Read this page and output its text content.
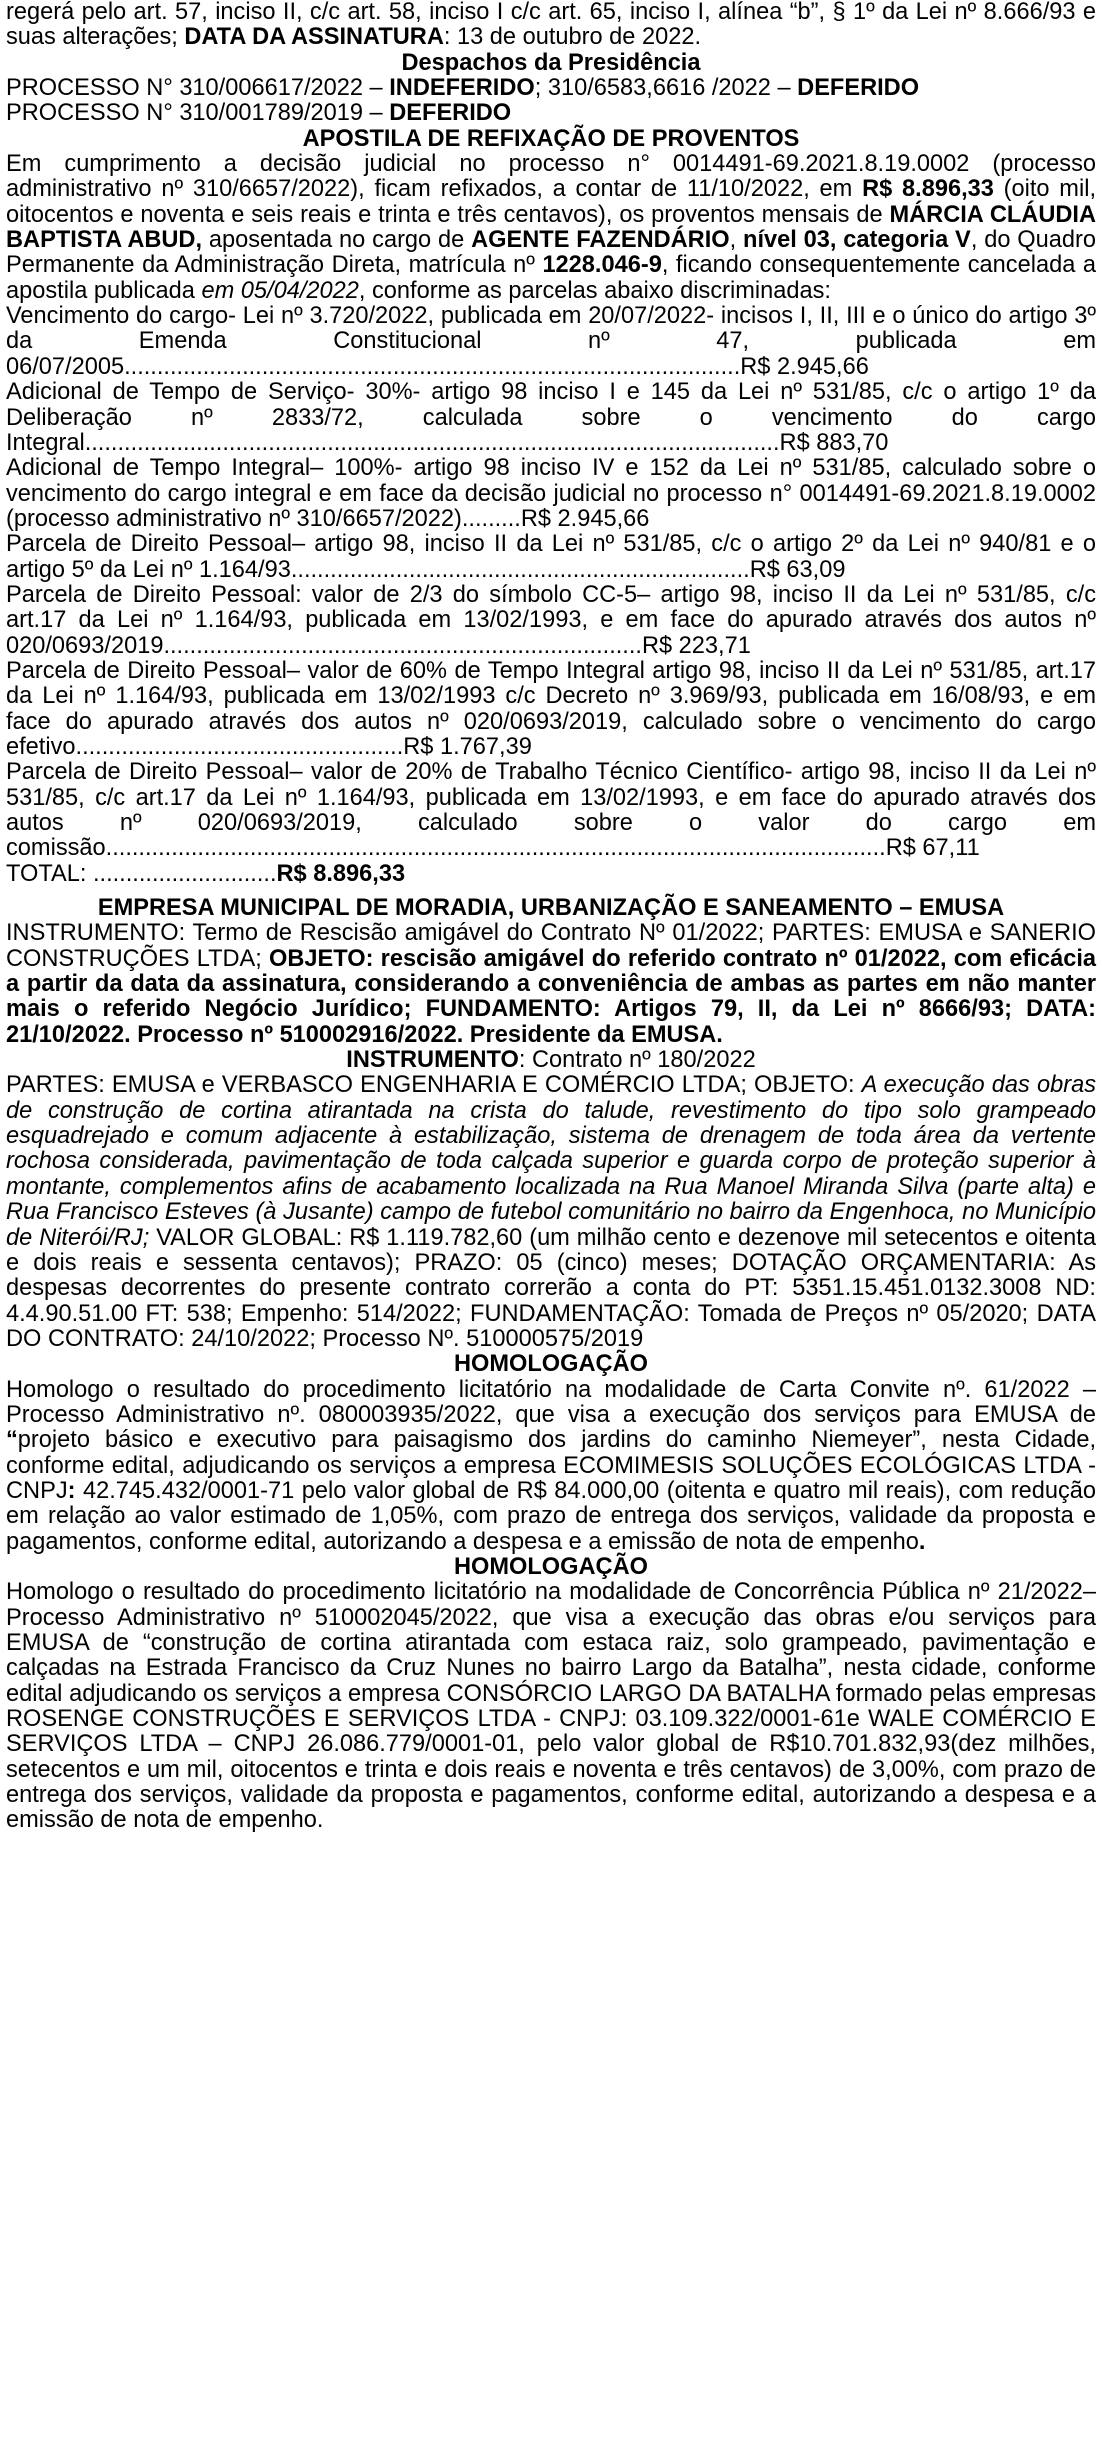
regerá pelo art. 57, inciso II, c/c art. 58, inciso I c/c art. 65, inciso I, alínea “b”, § 1º da Lei nº 8.666/93 e suas alterações; DATA DA ASSINATURA: 13 de outubro de 2022.

Despachos da Presidência

PROCESSO N° 310/006617/2022 – INDEFERIDO; 310/6583,6616 /2022 – DEFERIDO

PROCESSO N° 310/001789/2019 – DEFERIDO

APOSTILA DE REFIXAÇÃO DE PROVENTOS

Em cumprimento a decisão judicial no processo n° 0014491-69.2021.8.19.0002 (processo administrativo nº 310/6657/2022), ficam refixados, a contar de 11/10/2022, em R$ 8.896,33 (oito mil, oitocentos e noventa e seis reais e trinta e três centavos), os proventos mensais de MÁRCIA CLÁUDIA BAPTISTA ABUD, aposentada no cargo de AGENTE FAZENDÁRIO, nível 03, categoria V, do Quadro Permanente da Administração Direta, matrícula nº 1228.046-9, ficando consequentemente cancelada a apostila publicada em 05/04/2022, conforme as parcelas abaixo discriminadas:

Vencimento do cargo- Lei nº 3.720/2022, publicada em 20/07/2022- incisos I, II, III e o único do artigo 3º da Emenda Constitucional nº 47, publicada em 06/07/2005..............................................................................................R$ 2.945,66

Adicional de Tempo de Serviço- 30%- artigo 98 inciso I e 145 da Lei nº 531/85, c/c o artigo 1º da Deliberação nº 2833/72, calculada sobre o vencimento do cargo Integral..........................................................................................................R$ 883,70

Adicional de Tempo Integral– 100%- artigo 98 inciso IV e 152 da Lei nº 531/85, calculado sobre o vencimento do cargo integral e em face da decisão judicial no processo n° 0014491-69.2021.8.19.0002 (processo administrativo nº 310/6657/2022).........R$ 2.945,66

Parcela de Direito Pessoal– artigo 98, inciso II da Lei nº 531/85, c/c o artigo 2º da Lei nº 940/81 e o artigo 5º da Lei nº 1.164/93......................................................................R$ 63,09

Parcela de Direito Pessoal: valor de 2/3 do símbolo CC-5– artigo 98, inciso II da Lei nº 531/85, c/c art.17 da Lei nº 1.164/93, publicada em 13/02/1993, e em face do apurado através dos autos nº 020/0693/2019.........................................................................R$ 223,71

Parcela de Direito Pessoal– valor de 60% de Tempo Integral artigo 98, inciso II da Lei nº 531/85, art.17 da Lei nº 1.164/93, publicada em 13/02/1993 c/c Decreto nº 3.969/93, publicada em 16/08/93, e em face do apurado através dos autos nº 020/0693/2019, calculado sobre o vencimento do cargo efetivo..................................................R$ 1.767,39

Parcela de Direito Pessoal– valor de 20% de Trabalho Técnico Científico- artigo 98, inciso II da Lei nº 531/85, c/c art.17 da Lei nº 1.164/93, publicada em 13/02/1993, e em face do apurado através dos autos nº 020/0693/2019, calculado sobre o valor do cargo em comissão.......................................................................................................................R$ 67,11

TOTAL: ............................R$ 8.896,33

EMPRESA MUNICIPAL DE MORADIA, URBANIZAÇÃO E SANEAMENTO – EMUSA

INSTRUMENTO: Termo de Rescisão amigável do Contrato Nº 01/2022; PARTES: EMUSA e SANERIO CONSTRUÇÕES LTDA; OBJETO: rescisão amigável do referido contrato nº 01/2022, com eficácia a partir da data da assinatura, considerando a conveniência de ambas as partes em não manter mais o referido Negócio Jurídico; FUNDAMENTO: Artigos 79, II, da Lei nº 8666/93; DATA: 21/10/2022. Processo nº 510002916/2022. Presidente da EMUSA.

INSTRUMENTO: Contrato nº 180/2022

PARTES: EMUSA e VERBASCO ENGENHARIA E COMÉRCIO LTDA; OBJETO: A execução das obras de construção de cortina atirantada na crista do talude, revestimento do tipo solo grampeado esquadrejado e comum adjacente à estabilização, sistema de drenagem de toda área da vertente rochosa considerada, pavimentação de toda calçada superior e guarda corpo de proteção superior à montante, complementos afins de acabamento localizada na Rua Manoel Miranda Silva (parte alta) e Rua Francisco Esteves (à Jusante) campo de futebol comunitário no bairro da Engenhoca, no Município de Niterói/RJ; VALOR GLOBAL: R$ 1.119.782,60 (um milhão cento e dezenove mil setecentos e oitenta e dois reais e sessenta centavos); PRAZO: 05 (cinco) meses; DOTAÇÃO ORÇAMENTARIA: As despesas decorrentes do presente contrato correrão a conta do PT: 5351.15.451.0132.3008 ND: 4.4.90.51.00 FT: 538; Empenho: 514/2022; FUNDAMENTAÇÃO: Tomada de Preços nº 05/2020; DATA DO CONTRATO: 24/10/2022; Processo Nº. 510000575/2019

HOMOLOGAÇÃO

Homologo o resultado do procedimento licitatório na modalidade de Carta Convite nº. 61/2022 – Processo Administrativo nº. 080003935/2022, que visa a execução dos serviços para EMUSA de “projeto básico e executivo para paisagismo dos jardins do caminho Niemeyer”, nesta Cidade, conforme edital, adjudicando os serviços a empresa ECOMIMESIS SOLUÇÕES ECOLÓGICAS LTDA - CNPJ: 42.745.432/0001-71 pelo valor global de R$ 84.000,00 (oitenta e quatro mil reais), com redução em relação ao valor estimado de 1,05%, com prazo de entrega dos serviços, validade da proposta e pagamentos, conforme edital, autorizando a despesa e a emissão de nota de empenho.

HOMOLOGAÇÃO

Homologo o resultado do procedimento licitatório na modalidade de Concorrência Pública nº 21/2022– Processo Administrativo nº 510002045/2022, que visa a execução das obras e/ou serviços para EMUSA de “construção de cortina atirantada com estaca raiz, solo grampeado, pavimentação e calçadas na Estrada Francisco da Cruz Nunes no bairro Largo da Batalha”, nesta cidade, conforme edital adjudicando os serviços a empresa CONSÓRCIO LARGO DA BATALHA formado pelas empresas ROSENGE CONSTRUÇÕES E SERVIÇOS LTDA - CNPJ: 03.109.322/0001-61e WALE COMÉRCIO E SERVIÇOS LTDA – CNPJ 26.086.779/0001-01, pelo valor global de R$10.701.832,93(dez milhões, setecentos e um mil, oitocentos e trinta e dois reais e noventa e três centavos) de 3,00%, com prazo de entrega dos serviços, validade da proposta e pagamentos, conforme edital, autorizando a despesa e a emissão de nota de empenho.
